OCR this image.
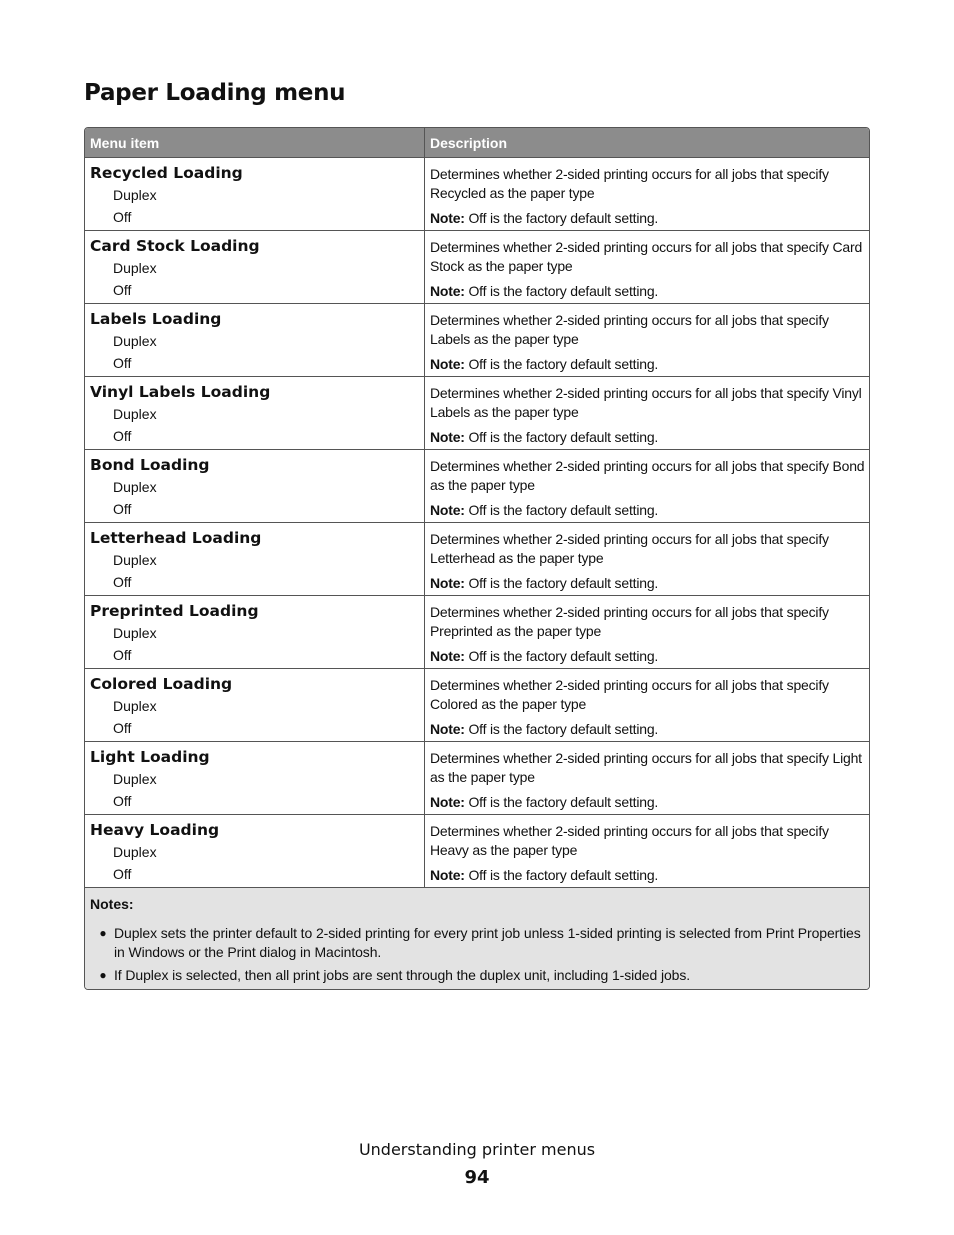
Paper Loading menu
Menu item	Description
Recycled Loading
Duplex
Off
Determines whether 2-sided printing occurs for all jobs that specify Recycled as the paper type
Note: Off is the factory default setting.
Card Stock Loading
Duplex
Off
Determines whether 2-sided printing occurs for all jobs that specify Card Stock as the paper type
Note: Off is the factory default setting.
Labels Loading
Duplex
Off
Determines whether 2-sided printing occurs for all jobs that specify Labels as the paper type
Note: Off is the factory default setting.
Vinyl Labels Loading
Duplex
Off
Determines whether 2-sided printing occurs for all jobs that specify Vinyl Labels as the paper type
Note: Off is the factory default setting.
Bond Loading
Duplex
Off
Determines whether 2-sided printing occurs for all jobs that specify Bond as the paper type
Note: Off is the factory default setting.
Letterhead Loading
Duplex
Off
Determines whether 2-sided printing occurs for all jobs that specify Letterhead as the paper type
Note: Off is the factory default setting.
Preprinted Loading
Duplex
Off
Determines whether 2-sided printing occurs for all jobs that specify Preprinted as the paper type
Note: Off is the factory default setting.
Colored Loading
Duplex
Off
Determines whether 2-sided printing occurs for all jobs that specify Colored as the paper type
Note: Off is the factory default setting.
Light Loading
Duplex
Off
Determines whether 2-sided printing occurs for all jobs that specify Light as the paper type
Note: Off is the factory default setting.
Heavy Loading
Duplex
Off
Determines whether 2-sided printing occurs for all jobs that specify Heavy as the paper type
Note: Off is the factory default setting.
Notes:
● Duplex sets the printer default to 2-sided printing for every print job unless 1-sided printing is selected from Print Properties in Windows or the Print dialog in Macintosh.
● If Duplex is selected, then all print jobs are sent through the duplex unit, including 1-sided jobs.
Understanding printer menus
94
